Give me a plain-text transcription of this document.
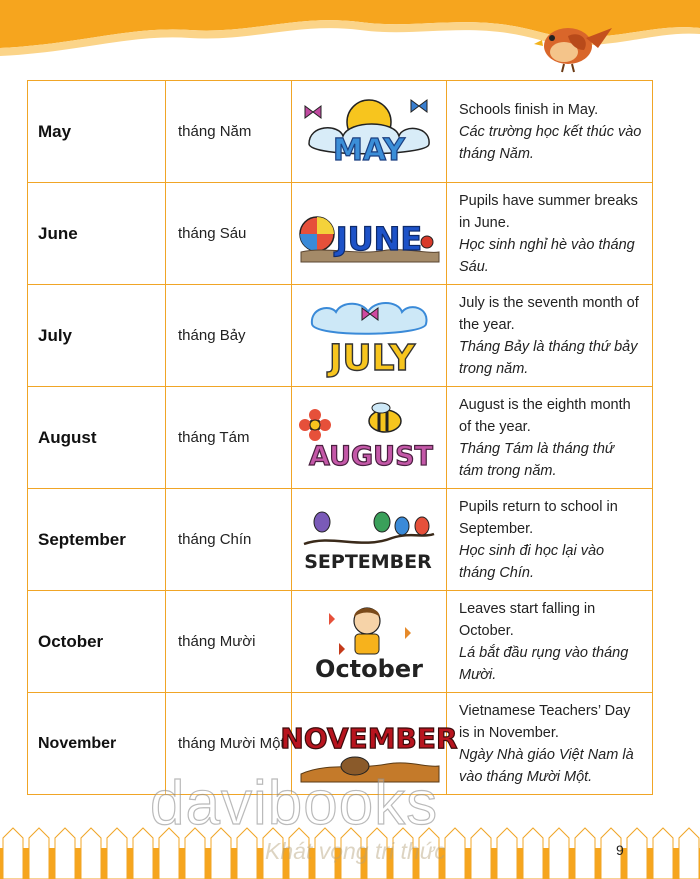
May	tháng Năm	MAY	Schools finish in May.
Các trường học kết thúc vào tháng Năm.

June	tháng Sáu	JUNE	Pupils have summer breaks in June.
Học sinh nghỉ hè vào tháng Sáu.

July	tháng Bảy	JULY	July is the seventh month of the year.
Tháng Bảy là tháng thứ bảy trong năm.

August	tháng Tám	AUGUST	August is the eighth month of the year.
Tháng Tám là tháng thứ tám trong năm.

September	tháng Chín	SEPTEMBER	Pupils return to school in September.
Học sinh đi học lại vào tháng Chín.

October	tháng Mười	October	Leaves start falling in October.
Lá bắt đầu rụng vào tháng Mười.

November	tháng Mười Một	NOVEMBER	Vietnamese Teachers’ Day is in November.
Ngày Nhà giáo Việt Nam là vào tháng Mười Một.
davibooks
Khát vọng tri thức	9
